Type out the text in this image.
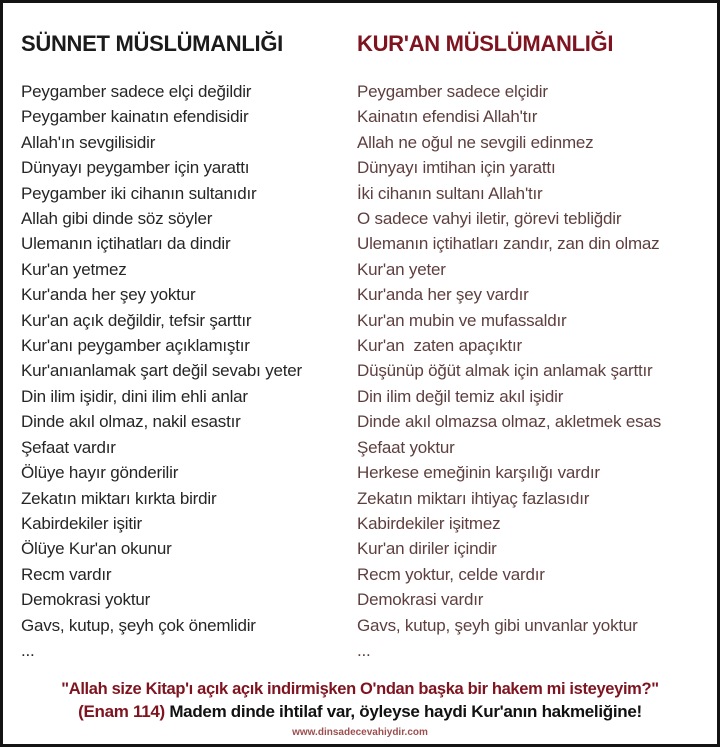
SÜNNET MÜSLÜMANLIĞI	KUR'AN MÜSLÜMANLIĞI
Peygamber sadece elçi değildir	Peygamber sadece elçidir
Peygamber kainatın efendisidir	Kainatın efendisi Allah'tır
Allah'ın sevgilisidir	Allah ne oğul ne sevgili edinmez
Dünyayı peygamber için yarattı	Dünyayı imtihan için yarattı
Peygamber iki cihanın sultanıdır	İki cihanın sultanı Allah'tır
Allah gibi dinde söz söyler	O sadece vahyi iletir, görevi tebliğdir
Ulemanın içtihatları da dindir	Ulemanın içtihatları zandır, zan din olmaz
Kur'an yetmez	Kur'an yeter
Kur'anda her şey yoktur	Kur'anda her şey vardır
Kur'an açık değildir, tefsir şarttır	Kur'an mubin ve mufassaldır
Kur'anı peygamber açıklamıştır	Kur'an  zaten apaçıktır
Kur'anıanlamak şart değil sevabı yeter	Düşünüp öğüt almak için anlamak şarttır
Din ilim işidir, dini ilim ehli anlar	Din ilim değil temiz akıl işidir
Dinde akıl olmaz, nakil esastır	Dinde akıl olmazsa olmaz, akletmek esas
Şefaat vardır	Şefaat yoktur
Ölüye hayır gönderilir	Herkese emeğinin karşılığı vardır
Zekatın miktarı kırkta birdir	Zekatın miktarı ihtiyaç fazlasıdır
Kabirdekiler işitir	Kabirdekiler işitmez
Ölüye Kur'an okunur	Kur'an diriler içindir
Recm vardır	Recm yoktur, celde vardır
Demokrasi yoktur	Demokrasi vardır
Gavs, kutup, şeyh çok önemlidir	Gavs, kutup, şeyh gibi unvanlar yoktur
...	...
"Allah size Kitap'ı açık açık indirmişken O'ndan başka bir hakem mi isteyeyim?"
(Enam 114) Madem dinde ihtilaf var, öyleyse haydi Kur'anın hakmeliğine!
www.dinsadecevahiydir.com
